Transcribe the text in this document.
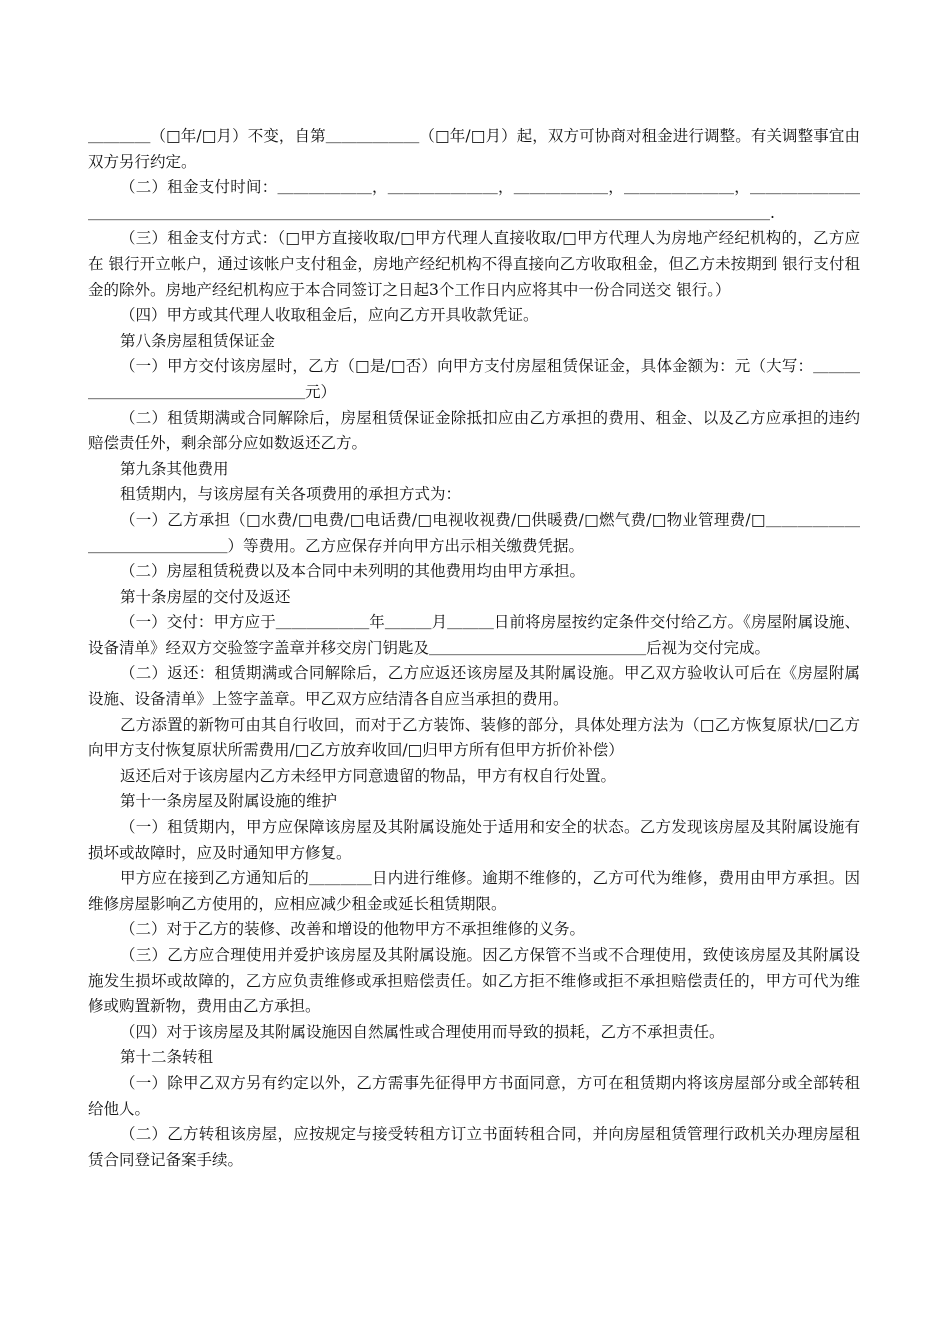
＿＿＿＿（□年/□月）不变，自第＿＿＿＿＿＿（□年/□月）起，双方可协商对租金进行调整。有关调整事宜由双方另行约定。

（二）租金支付时间：＿＿＿＿＿＿，＿＿＿＿＿＿＿，＿＿＿＿＿＿，＿＿＿＿＿＿＿，＿＿＿＿＿＿＿＿＿＿＿＿＿＿＿＿＿＿＿＿＿＿＿＿＿＿＿＿＿＿＿＿＿＿＿＿＿＿＿＿＿＿＿＿＿＿＿＿＿＿＿.

（三）租金支付方式：（□甲方直接收取/□甲方代理人直接收取/□甲方代理人为房地产经纪机构的，乙方应在 银行开立帐户，通过该帐户支付租金，房地产经纪机构不得直接向乙方收取租金，但乙方未按期到 银行支付租金的除外。房地产经纪机构应于本合同签订之日起3个工作日内应将其中一份合同送交 银行。）

（四）甲方或其代理人收取租金后，应向乙方开具收款凭证。

第八条房屋租赁保证金

（一）甲方交付该房屋时，乙方（□是/□否）向甲方支付房屋租赁保证金，具体金额为：元（大写：＿＿＿＿＿＿＿＿＿＿＿＿＿＿＿＿＿元）

（二）租赁期满或合同解除后，房屋租赁保证金除抵扣应由乙方承担的费用、租金、以及乙方应承担的违约赔偿责任外，剩余部分应如数返还乙方。

第九条其他费用

租赁期内，与该房屋有关各项费用的承担方式为：

（一）乙方承担（□水费/□电费/□电话费/□电视收视费/□供暖费/□燃气费/□物业管理费/□＿＿＿＿＿＿＿＿＿＿＿＿＿＿＿）等费用。乙方应保存并向甲方出示相关缴费凭据。

（二）房屋租赁税费以及本合同中未列明的其他费用均由甲方承担。

第十条房屋的交付及返还

（一）交付：甲方应于＿＿＿＿＿＿年＿＿＿月＿＿＿日前将房屋按约定条件交付给乙方。《房屋附属设施、设备清单》经双方交验签字盖章并移交房门钥匙及＿＿＿＿＿＿＿＿＿＿＿＿＿＿后视为交付完成。

（二）返还：租赁期满或合同解除后，乙方应返还该房屋及其附属设施。甲乙双方验收认可后在《房屋附属设施、设备清单》上签字盖章。甲乙双方应结清各自应当承担的费用。

乙方添置的新物可由其自行收回，而对于乙方装饰、装修的部分，具体处理方法为（□乙方恢复原状/□乙方向甲方支付恢复原状所需费用/□乙方放弃收回/□归甲方所有但甲方折价补偿）

返还后对于该房屋内乙方未经甲方同意遗留的物品，甲方有权自行处置。

第十一条房屋及附属设施的维护

（一）租赁期内，甲方应保障该房屋及其附属设施处于适用和安全的状态。乙方发现该房屋及其附属设施有损坏或故障时，应及时通知甲方修复。

甲方应在接到乙方通知后的＿＿＿＿日内进行维修。逾期不维修的，乙方可代为维修，费用由甲方承担。因维修房屋影响乙方使用的，应相应减少租金或延长租赁期限。

（二）对于乙方的装修、改善和增设的他物甲方不承担维修的义务。

（三）乙方应合理使用并爱护该房屋及其附属设施。因乙方保管不当或不合理使用，致使该房屋及其附属设施发生损坏或故障的，乙方应负责维修或承担赔偿责任。如乙方拒不维修或拒不承担赔偿责任的，甲方可代为维修或购置新物，费用由乙方承担。

（四）对于该房屋及其附属设施因自然属性或合理使用而导致的损耗，乙方不承担责任。

第十二条转租

（一）除甲乙双方另有约定以外，乙方需事先征得甲方书面同意，方可在租赁期内将该房屋部分或全部转租给他人。

（二）乙方转租该房屋，应按规定与接受转租方订立书面转租合同，并向房屋租赁管理行政机关办理房屋租赁合同登记备案手续。
